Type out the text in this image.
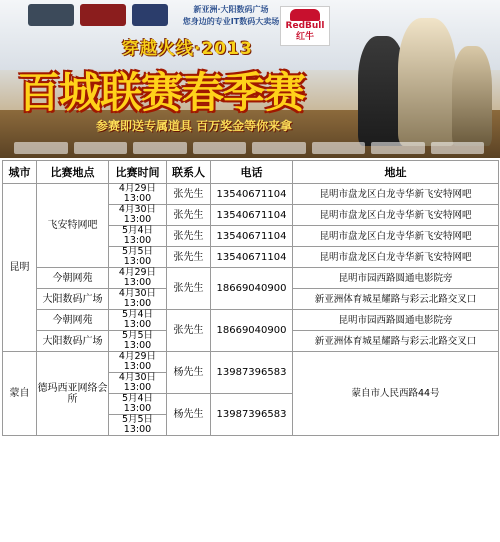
新亚洲·大阳数码广场
您身边的专业IT数码大卖场 RedBull
红牛
穿越火线·2013
百城联赛春季赛
参赛即送专属道具 百万奖金等你来拿
城市	比赛地点	比赛时间	联系人	电话	地址
昆明	飞安特网吧	4月29日
13:00	张先生	13540671104	昆明市盘龙区白龙寺华新飞安特网吧
		4月30日
13:00	张先生	13540671104	昆明市盘龙区白龙寺华新飞安特网吧
		5月4日
13:00	张先生	13540671104	昆明市盘龙区白龙寺华新飞安特网吧
		5月5日
13:00	张先生	13540671104	昆明市盘龙区白龙寺华新飞安特网吧
	今朝网苑	4月29日
13:00	张先生	18669040900	昆明市园西路圆通电影院旁
	大阳数码广场	4月30日
13:00			新亚洲体育城星耀路与彩云北路交叉口
	今朝网苑	5月4日
13:00	张先生	18669040900	昆明市园西路圆通电影院旁
	大阳数码广场	5月5日
13:00			新亚洲体育城星耀路与彩云北路交叉口
蒙自	德玛西亚网络会所	4月29日
13:00	杨先生	13987396583	蒙自市人民西路44号
		4月30日
13:00			
		5月4日
13:00	杨先生	13987396583	
		5月5日
13:00			
